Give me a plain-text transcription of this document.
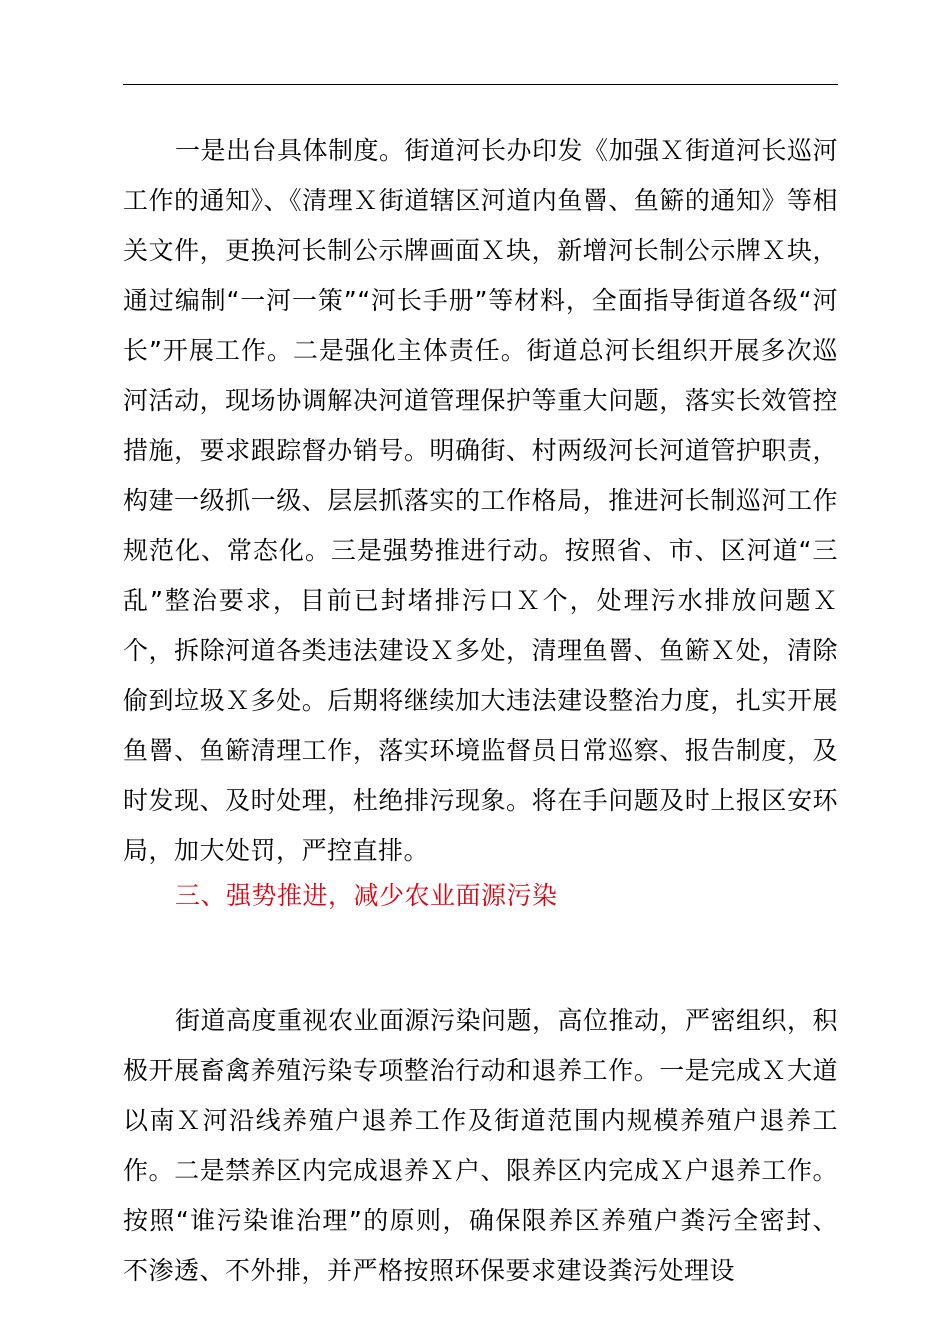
一是出台具体制度。街道河长办印发《加强Ｘ街道河长巡河工作的通知》、《清理Ｘ街道辖区河道内鱼罾、鱼簖的通知》等相关文件，更换河长制公示牌画面Ｘ块，新增河长制公示牌Ｘ块，通过编制“一河一策”“河长手册”等材料，全面指导街道各级“河长”开展工作。二是强化主体责任。街道总河长组织开展多次巡河活动，现场协调解决河道管理保护等重大问题，落实长效管控措施，要求跟踪督办销号。明确街、村两级河长河道管护职责，构建一级抓一级、层层抓落实的工作格局，推进河长制巡河工作规范化、常态化。三是强势推进行动。按照省、市、区河道“三乱”整治要求，目前已封堵排污口Ｘ个，处理污水排放问题Ｘ个，拆除河道各类违法建设Ｘ多处，清理鱼罾、鱼簖Ｘ处，清除偷到垃圾Ｘ多处。后期将继续加大违法建设整治力度，扎实开展鱼罾、鱼簖清理工作，落实环境监督员日常巡察、报告制度，及时发现、及时处理，杜绝排污现象。将在手问题及时上报区安环局，加大处罚，严控直排。
三、强势推进，减少农业面源污染
街道高度重视农业面源污染问题，高位推动，严密组织，积极开展畜禽养殖污染专项整治行动和退养工作。一是完成Ｘ大道以南Ｘ河沿线养殖户退养工作及街道范围内规模养殖户退养工作。二是禁养区内完成退养Ｘ户、限养区内完成Ｘ户退养工作。按照“谁污染谁治理”的原则，确保限养区养殖户粪污全密封、不渗透、不外排，并严格按照环保要求建设粪污处理设
